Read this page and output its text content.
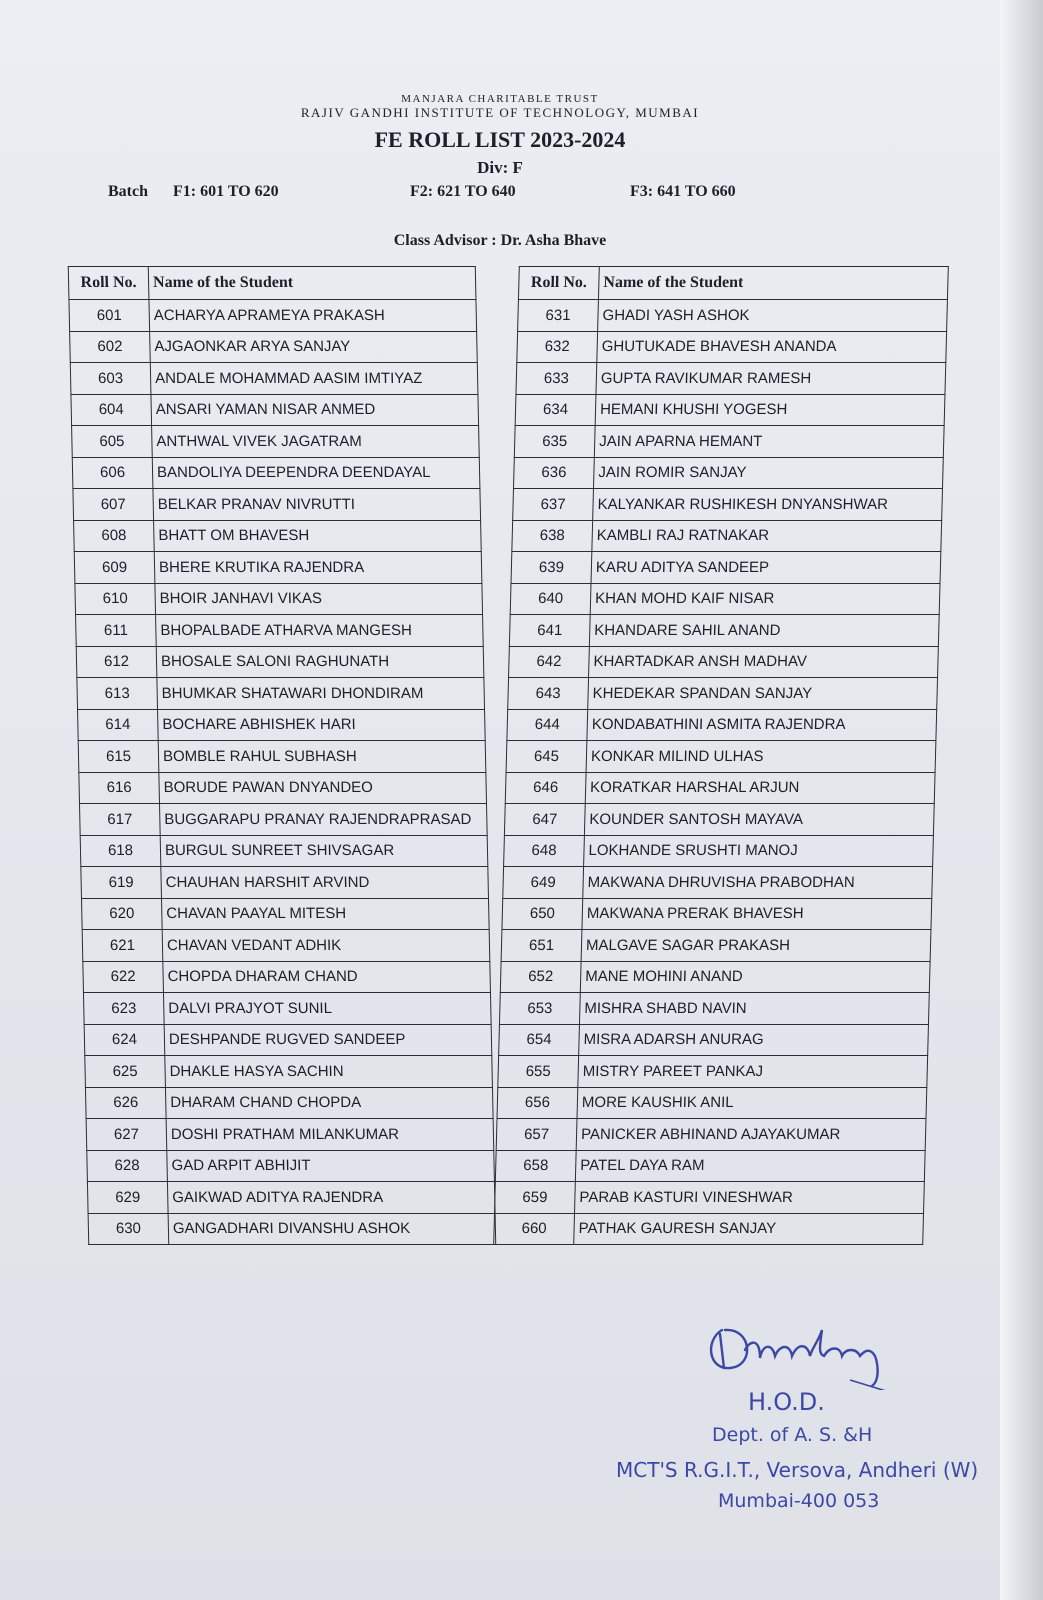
MANJARA CHARITABLE TRUST
RAJIV GANDHI INSTITUTE OF TECHNOLOGY, MUMBAI
FE ROLL LIST 2023-2024
Div: F
Batch F1: 601 TO 620	F2: 621 TO 640	F3: 641 TO 660
Class Advisor : Dr. Asha Bhave
Roll No.	Name of the Student
601	ACHARYA APRAMEYA PRAKASH
602	AJGAONKAR ARYA SANJAY
603	ANDALE MOHAMMAD AASIM IMTIYAZ
604	ANSARI YAMAN NISAR ANMED
605	ANTHWAL VIVEK JAGATRAM
606	BANDOLIYA DEEPENDRA DEENDAYAL
607	BELKAR PRANAV NIVRUTTI
608	BHATT OM BHAVESH
609	BHERE KRUTIKA RAJENDRA
610	BHOIR JANHAVI VIKAS
611	BHOPALBADE ATHARVA MANGESH
612	BHOSALE SALONI RAGHUNATH
613	BHUMKAR SHATAWARI DHONDIRAM
614	BOCHARE ABHISHEK HARI
615	BOMBLE RAHUL SUBHASH
616	BORUDE PAWAN DNYANDEO
617	BUGGARAPU PRANAY RAJENDRAPRASAD
618	BURGUL SUNREET SHIVSAGAR
619	CHAUHAN HARSHIT ARVIND
620	CHAVAN PAAYAL MITESH
621	CHAVAN VEDANT ADHIK
622	CHOPDA DHARAM CHAND
623	DALVI PRAJYOT SUNIL
624	DESHPANDE RUGVED SANDEEP
625	DHAKLE HASYA SACHIN
626	DHARAM CHAND CHOPDA
627	DOSHI PRATHAM MILANKUMAR
628	GAD ARPIT ABHIJIT
629	GAIKWAD ADITYA RAJENDRA
630	GANGADHARI DIVANSHU ASHOK
Roll No.	Name of the Student
631	GHADI YASH ASHOK
632	GHUTUKADE BHAVESH ANANDA
633	GUPTA RAVIKUMAR RAMESH
634	HEMANI KHUSHI YOGESH
635	JAIN APARNA HEMANT
636	JAIN ROMIR SANJAY
637	KALYANKAR RUSHIKESH DNYANSHWAR
638	KAMBLI RAJ RATNAKAR
639	KARU ADITYA SANDEEP
640	KHAN MOHD KAIF NISAR
641	KHANDARE SAHIL ANAND
642	KHARTADKAR ANSH MADHAV
643	KHEDEKAR SPANDAN SANJAY
644	KONDABATHINI ASMITA RAJENDRA
645	KONKAR MILIND ULHAS
646	KORATKAR HARSHAL ARJUN
647	KOUNDER SANTOSH MAYAVA
648	LOKHANDE SRUSHTI MANOJ
649	MAKWANA DHRUVISHA PRABODHAN
650	MAKWANA PRERAK BHAVESH
651	MALGAVE SAGAR PRAKASH
652	MANE MOHINI ANAND
653	MISHRA SHABD NAVIN
654	MISRA ADARSH ANURAG
655	MISTRY PAREET PANKAJ
656	MORE KAUSHIK ANIL
657	PANICKER ABHINAND AJAYAKUMAR
658	PATEL DAYA RAM
659	PARAB KASTURI VINESHWAR
660	PATHAK GAURESH SANJAY
H.O.D.
Dept. of A. S. &H
MCT'S R.G.I.T., Versova, Andheri (W)
Mumbai-400 053
